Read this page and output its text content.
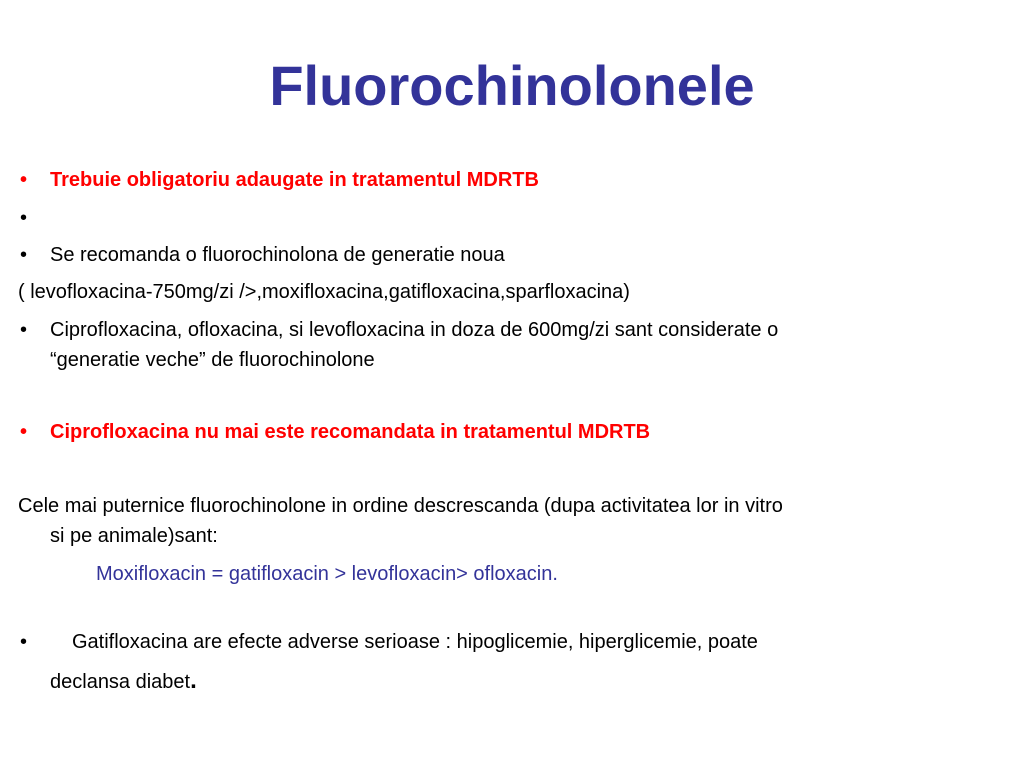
Fluorochinolonele
• Trebuie obligatoriu adaugate in tratamentul MDRTB
•
• Se recomanda o fluorochinolona de generatie noua
( levofloxacina-750mg/zi />,moxifloxacina,gatifloxacina,sparfloxacina)
• Ciprofloxacina, ofloxacina, si levofloxacina in doza de 600mg/zi sant considerate o
“generatie veche” de fluorochinolone
• Ciprofloxacina nu mai este recomandata in tratamentul MDRTB
Cele mai puternice fluorochinolone in ordine descrescanda (dupa activitatea lor in vitro
si pe animale)sant:
Moxifloxacin = gatifloxacin > levofloxacin> ofloxacin.
• Gatifloxacina are efecte adverse serioase : hipoglicemie, hiperglicemie, poate
declansa diabet.
